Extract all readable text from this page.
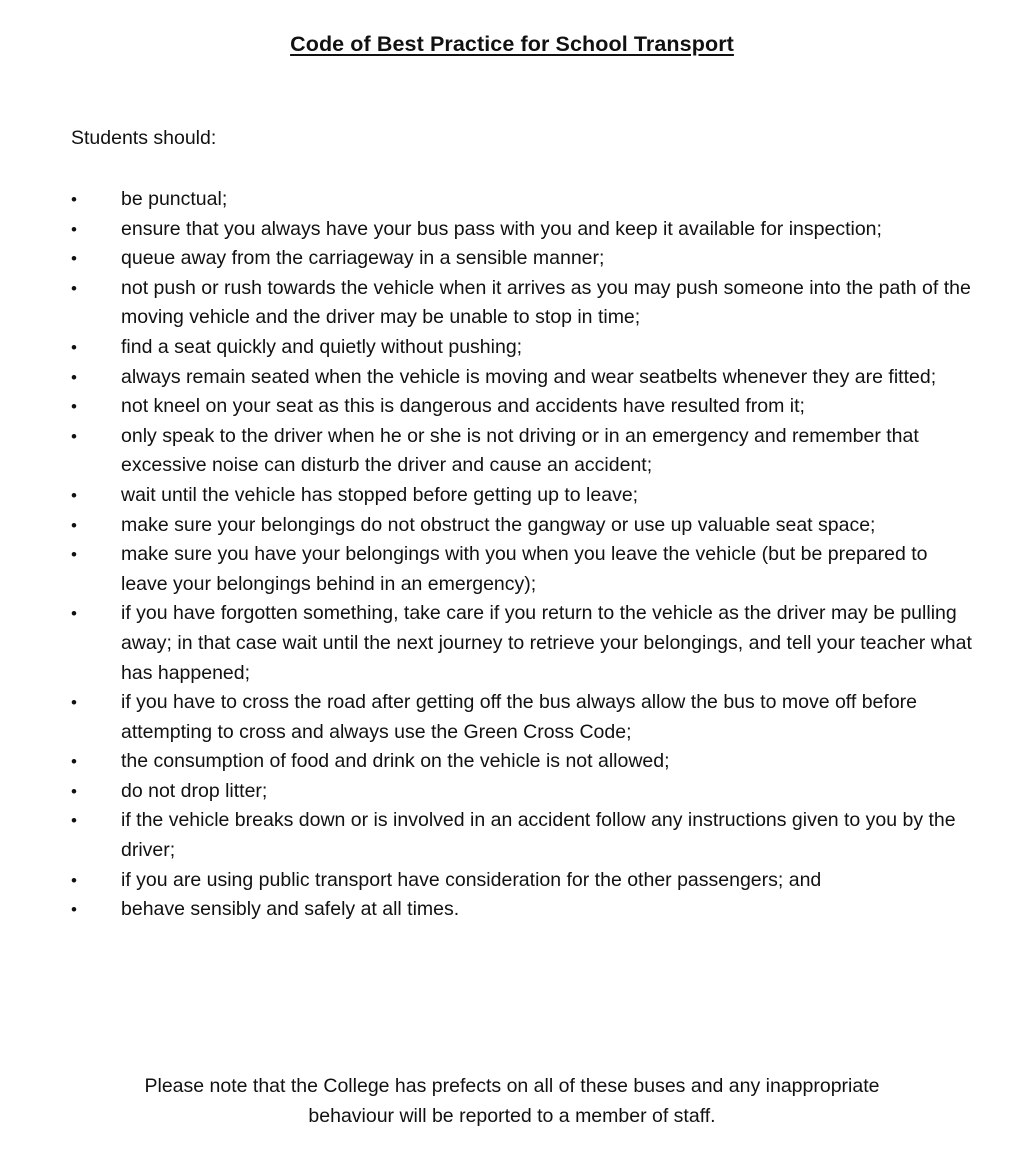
Code of Best Practice for School Transport
Students should:
• be punctual;
• ensure that you always have your bus pass with you and keep it available for inspection;
• queue away from the carriageway in a sensible manner;
• not push or rush towards the vehicle when it arrives as you may push someone into the path of the moving vehicle and the driver may be unable to stop in time;
• find a seat quickly and quietly without pushing;
• always remain seated when the vehicle is moving and wear seatbelts whenever they are fitted;
• not kneel on your seat as this is dangerous and accidents have resulted from it;
• only speak to the driver when he or she is not driving or in an emergency and remember that excessive noise can disturb the driver and cause an accident;
• wait until the vehicle has stopped before getting up to leave;
• make sure your belongings do not obstruct the gangway or use up valuable seat space;
• make sure you have your belongings with you when you leave the vehicle (but be prepared to leave your belongings behind in an emergency);
• if you have forgotten something, take care if you return to the vehicle as the driver may be pulling away; in that case wait until the next journey to retrieve your belongings, and tell your teacher what has happened;
• if you have to cross the road after getting off the bus always allow the bus to move off before attempting to cross and always use the Green Cross Code;
• the consumption of food and drink on the vehicle is not allowed;
• do not drop litter;
• if the vehicle breaks down or is involved in an accident follow any instructions given to you by the driver;
• if you are using public transport have consideration for the other passengers; and
• behave sensibly and safely at all times.
Please note that the College has prefects on all of these buses and any inappropriate
behaviour will be reported to a member of staff.
